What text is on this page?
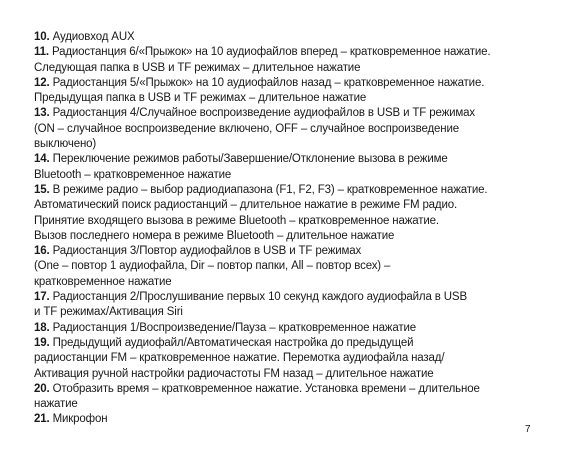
10. Аудиовход AUX
11. Радиостанция 6/«Прыжок» на 10 аудиофайлов вперед – кратковременное нажатие.
Следующая папка в USB и TF режимах – длительное нажатие
12. Радиостанция 5/«Прыжок» на 10 аудиофайлов назад – кратковременное нажатие.
Предыдущая папка в USB и TF режимах – длительное нажатие
13. Радиостанция 4/Случайное воспроизведение аудиофайлов в USB и TF режимах
(ON – случайное воспроизведение включено, OFF – случайное воспроизведение
выключено)
14. Переключение режимов работы/Завершение/Отклонение вызова в режиме
Bluetooth – кратковременное нажатие
15. В режиме радио – выбор радиодиапазона (F1, F2, F3) – кратковременное нажатие.
Автоматический поиск радиостанций – длительное нажатие в режиме FM радио.
Принятие входящего вызова в режиме Bluetooth – кратковременное нажатие.
Вызов последнего номера в режиме Bluetooth – длительное нажатие
16. Радиостанция 3/Повтор аудиофайлов в USB и TF режимах
(One – повтор 1 аудиофайла, Dir – повтор папки, All – повтор всех) –
кратковременное нажатие
17. Радиостанция 2/Прослушивание первых 10 секунд каждого аудиофайла в USB
и TF режимах/Активация Siri
18. Радиостанция 1/Воспроизведение/Пауза – кратковременное нажатие
19. Предыдущий аудиофайл/Автоматическая настройка до предыдущей
радиостанции FM – кратковременное нажатие. Перемотка аудиофайла назад/
Активация ручной настройки радиочастоты FM назад – длительное нажатие
20. Отобразить время – кратковременное нажатие. Установка времени – длительное
нажатие
21. Микрофон
7
